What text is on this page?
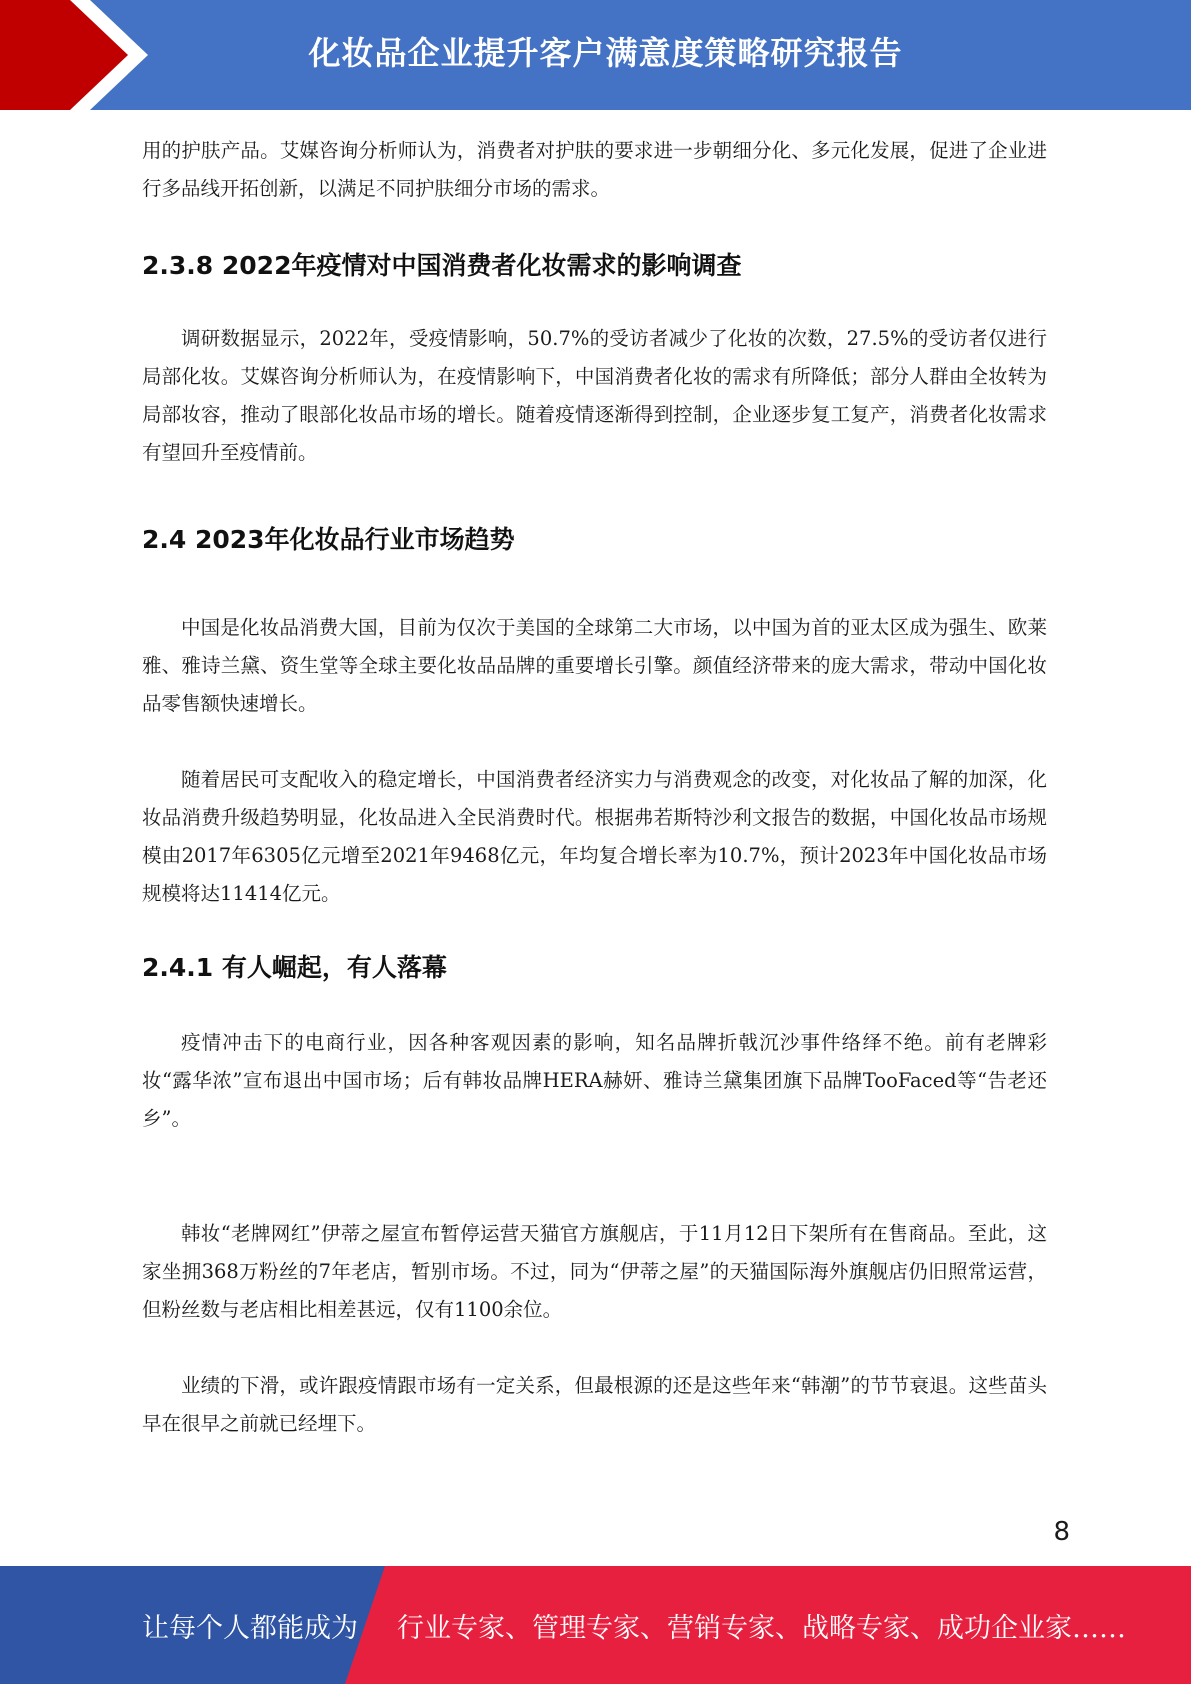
化妆品企业提升客户满意度策略研究报告

用的护肤产品。艾媒咨询分析师认为，消费者对护肤的要求进一步朝细分化、多元化发展，促进了企业进行多品线开拓创新，以满足不同护肤细分市场的需求。

2.3.8 2022年疫情对中国消费者化妆需求的影响调查

调研数据显示，2022年，受疫情影响，50.7%的受访者减少了化妆的次数，27.5%的受访者仅进行局部化妆。艾媒咨询分析师认为，在疫情影响下，中国消费者化妆的需求有所降低；部分人群由全妆转为局部妆容，推动了眼部化妆品市场的增长。随着疫情逐渐得到控制，企业逐步复工复产，消费者化妆需求有望回升至疫情前。

2.4 2023年化妆品行业市场趋势

中国是化妆品消费大国，目前为仅次于美国的全球第二大市场，以中国为首的亚太区成为强生、欧莱雅、雅诗兰黛、资生堂等全球主要化妆品品牌的重要增长引擎。颜值经济带来的庞大需求，带动中国化妆品零售额快速增长。

随着居民可支配收入的稳定增长，中国消费者经济实力与消费观念的改变，对化妆品了解的加深，化妆品消费升级趋势明显，化妆品进入全民消费时代。根据弗若斯特沙利文报告的数据，中国化妆品市场规模由2017年6305亿元增至2021年9468亿元，年均复合增长率为10.7%，预计2023年中国化妆品市场规模将达11414亿元。

2.4.1 有人崛起，有人落幕

疫情冲击下的电商行业，因各种客观因素的影响，知名品牌折戟沉沙事件络绎不绝。前有老牌彩妆“露华浓”宣布退出中国市场；后有韩妆品牌HERA赫妍、雅诗兰黛集团旗下品牌TooFaced等“告老还乡”。

韩妆“老牌网红”伊蒂之屋宣布暂停运营天猫官方旗舰店，于11月12日下架所有在售商品。至此，这家坐拥368万粉丝的7年老店，暂别市场。不过，同为“伊蒂之屋”的天猫国际海外旗舰店仍旧照常运营，但粉丝数与老店相比相差甚远，仅有1100余位。

业绩的下滑，或许跟疫情跟市场有一定关系，但最根源的还是这些年来“韩潮”的节节衰退。这些苗头早在很早之前就已经埋下。

8
让每个人都能成为 行业专家、管理专家、营销专家、战略专家、成功企业家……
